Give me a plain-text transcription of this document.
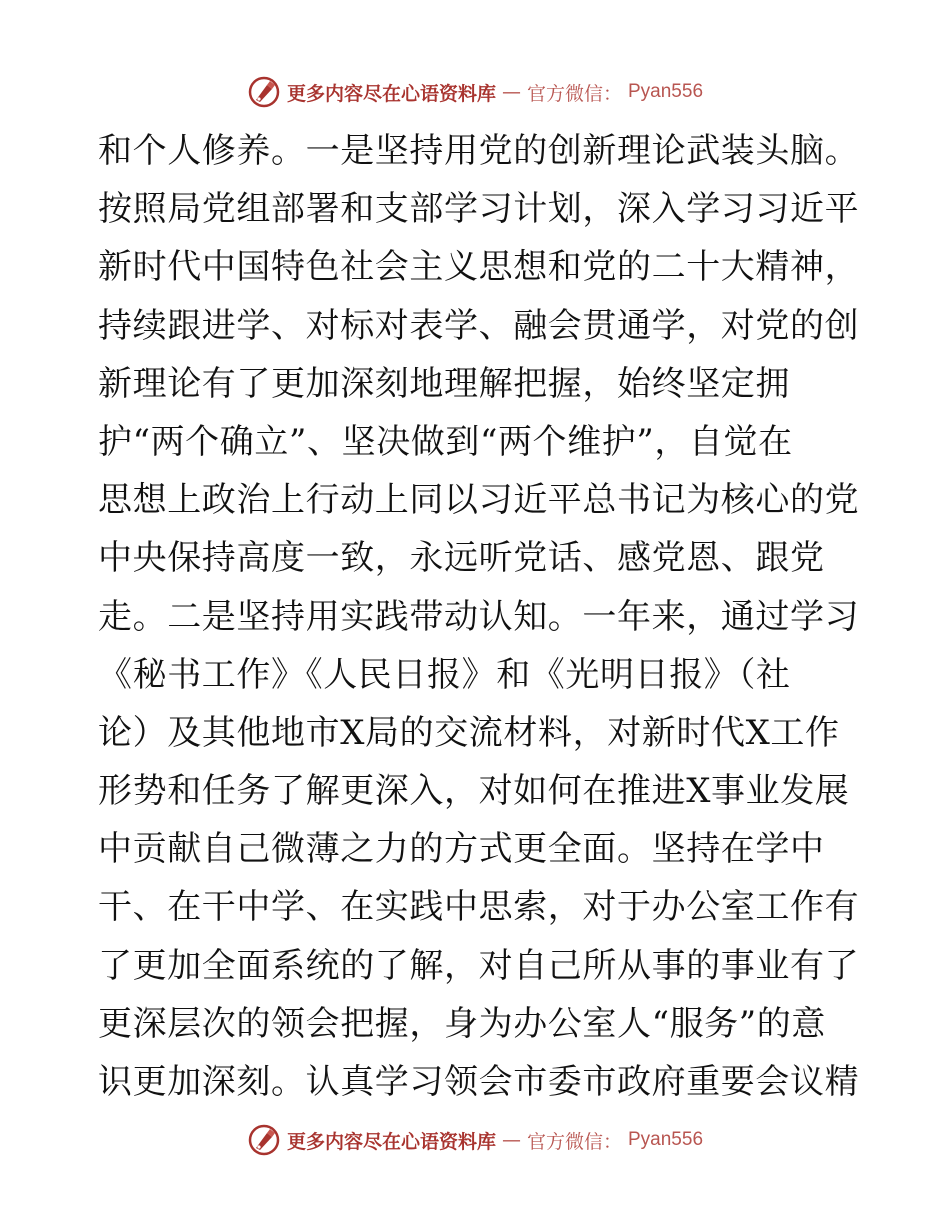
更多内容尽在心语资料库 — 官方微信： Pyan556
和个人修养。一是坚持用党的创新理论武装头脑。
按照局党组部署和支部学习计划，深入学习习近平
新时代中国特色社会主义思想和党的二十大精神，
持续跟进学、对标对表学、融会贯通学，对党的创
新理论有了更加深刻地理解把握，始终坚定拥
护“两个确立”、坚决做到“两个维护”，自觉在
思想上政治上行动上同以习近平总书记为核心的党
中央保持高度一致，永远听党话、感党恩、跟党
走。二是坚持用实践带动认知。一年来，通过学习
《秘书工作》《人民日报》和《光明日报》（社
论）及其他地市X局的交流材料，对新时代X工作
形势和任务了解更深入，对如何在推进X事业发展
中贡献自己微薄之力的方式更全面。坚持在学中
干、在干中学、在实践中思索，对于办公室工作有
了更加全面系统的了解，对自己所从事的事业有了
更深层次的领会把握，身为办公室人“服务”的意
识更加深刻。认真学习领会市委市政府重要会议精
更多内容尽在心语资料库 — 官方微信： Pyan556
